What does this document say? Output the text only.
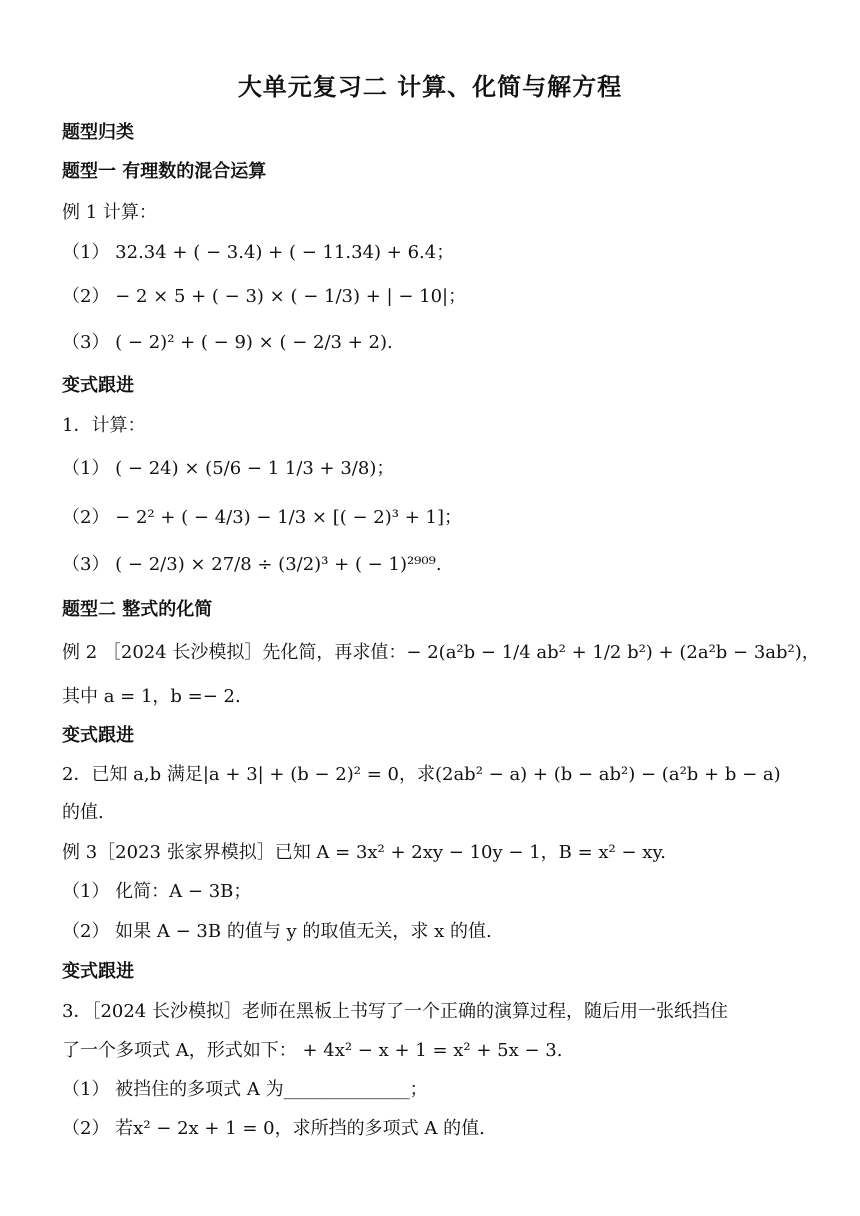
大单元复习二 计算、化简与解方程
题型归类
题型一 有理数的混合运算
例 1 计算：
（1） 32.34 + ( − 3.4) + ( − 11.34) + 6.4；
（2） − 2 × 5 + ( − 3) × ( − 1/3) + | − 10|；
（3） ( − 2)² + ( − 9) × ( − 2/3 + 2).
变式跟进
1．计算：
（1） ( − 24) × (5/6 − 1 1/3 + 3/8)；
（2） − 2² + ( − 4/3) − 1/3 × [( − 2)³ + 1]；
（3） ( − 2/3) × 27/8 ÷ (3/2)³ + ( − 1)²⁹⁰⁹.
题型二 整式的化简
例 2 ［2024 长沙模拟］先化简，再求值：− 2(a²b − 1/4 ab² + 1/2 b²) + (2a²b − 3ab²)，
其中 a = 1，b =− 2.
变式跟进
2．已知 a,b 满足|a + 3| + (b − 2)² = 0，求(2ab² − a) + (b − ab²) − (a²b + b − a)
的值.
例 3［2023 张家界模拟］已知 A = 3x² + 2xy − 10y − 1，B = x² − xy.
（1） 化简：A − 3B；
（2） 如果 A − 3B 的值与 y 的取值无关，求 x 的值.
变式跟进
3．［2024 长沙模拟］老师在黑板上书写了一个正确的演算过程，随后用一张纸挡住
了一个多项式 A，形式如下： + 4x² − x + 1 = x² + 5x − 3.
（1） 被挡住的多项式 A 为______________；
（2） 若x² − 2x + 1 = 0，求所挡的多项式 A 的值.
